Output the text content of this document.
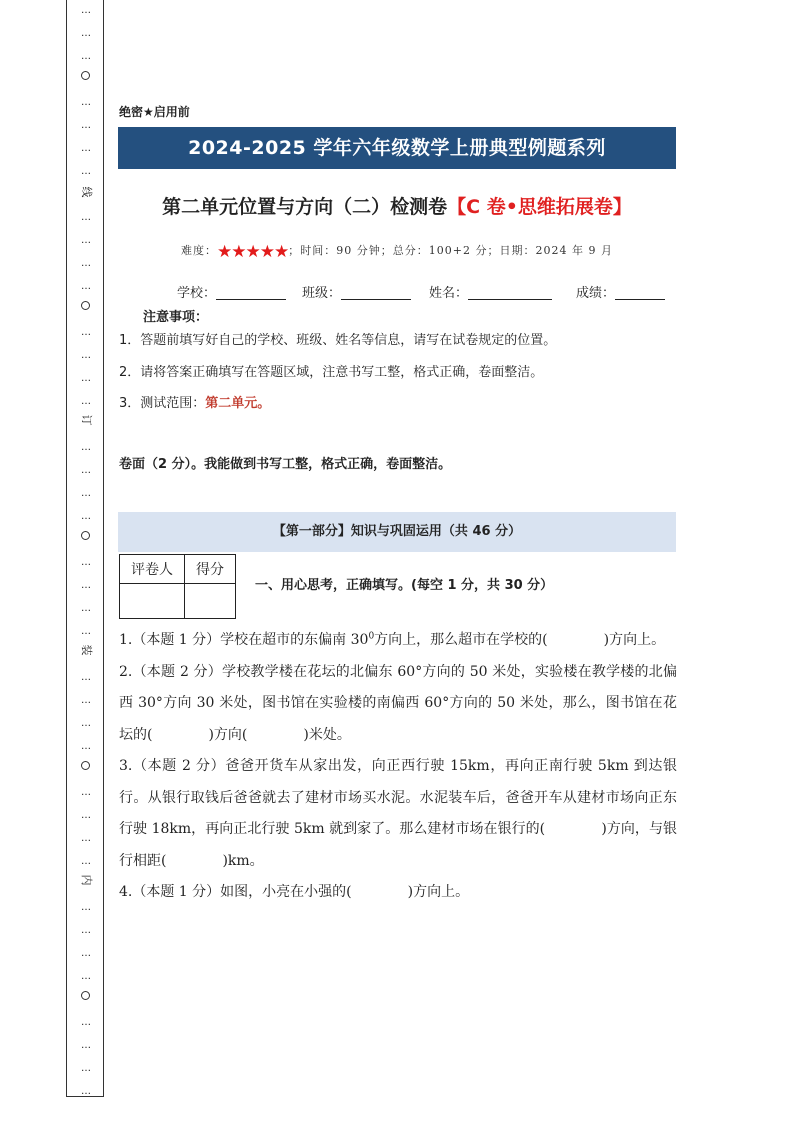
…
…
…
…
…
…
…
…
…
…
…
…
…
…
…
…
…
…
…
…
…
…
…
…
…
…
…
…
…
…
…
…
…
…
…
…
…
…
…
线
订
装
内
绝密★启用前
2024-2025 学年六年级数学上册典型例题系列
第二单元位置与方向（二）检测卷【C 卷•思维拓展卷】
难度：★★★★★；时间：90 分钟；总分：100+2 分；日期：2024 年 9 月
学校：	班级：	姓名：	成绩：
注意事项：
1．答题前填写好自己的学校、班级、姓名等信息，请写在试卷规定的位置。
2．请将答案正确填写在答题区域，注意书写工整，格式正确，卷面整洁。
3．测试范围：第二单元。
卷面（2 分）。我能做到书写工整，格式正确，卷面整洁。
【第一部分】知识与巩固运用（共 46 分）
评卷人	得分

一、用心思考，正确填写。(每空 1 分，共 30 分）

1.（本题 1 分）学校在超市的东偏南 $30^0$方向上，那么超市在学校的(　　　　)方向上。

2.（本题 2 分）学校教学楼在花坛的北偏东 60°方向的 50 米处，实验楼在教学楼的北偏西 30°方向 30 米处，图书馆在实验楼的南偏西 60°方向的 50 米处，那么，图书馆在花坛的(　　　　)方向(　　　　)米处。

3.（本题 2 分）爸爸开货车从家出发，向正西行驶 15km，再向正南行驶 5km 到达银行。从银行取钱后爸爸就去了建材市场买水泥。水泥装车后，爸爸开车从建材市场向正东行驶 18km，再向正北行驶 5km 就到家了。那么建材市场在银行的(　　　　)方向，与银行相距(　　　　)km。

4.（本题 1 分）如图，小亮在小强的(　　　　)方向上。
